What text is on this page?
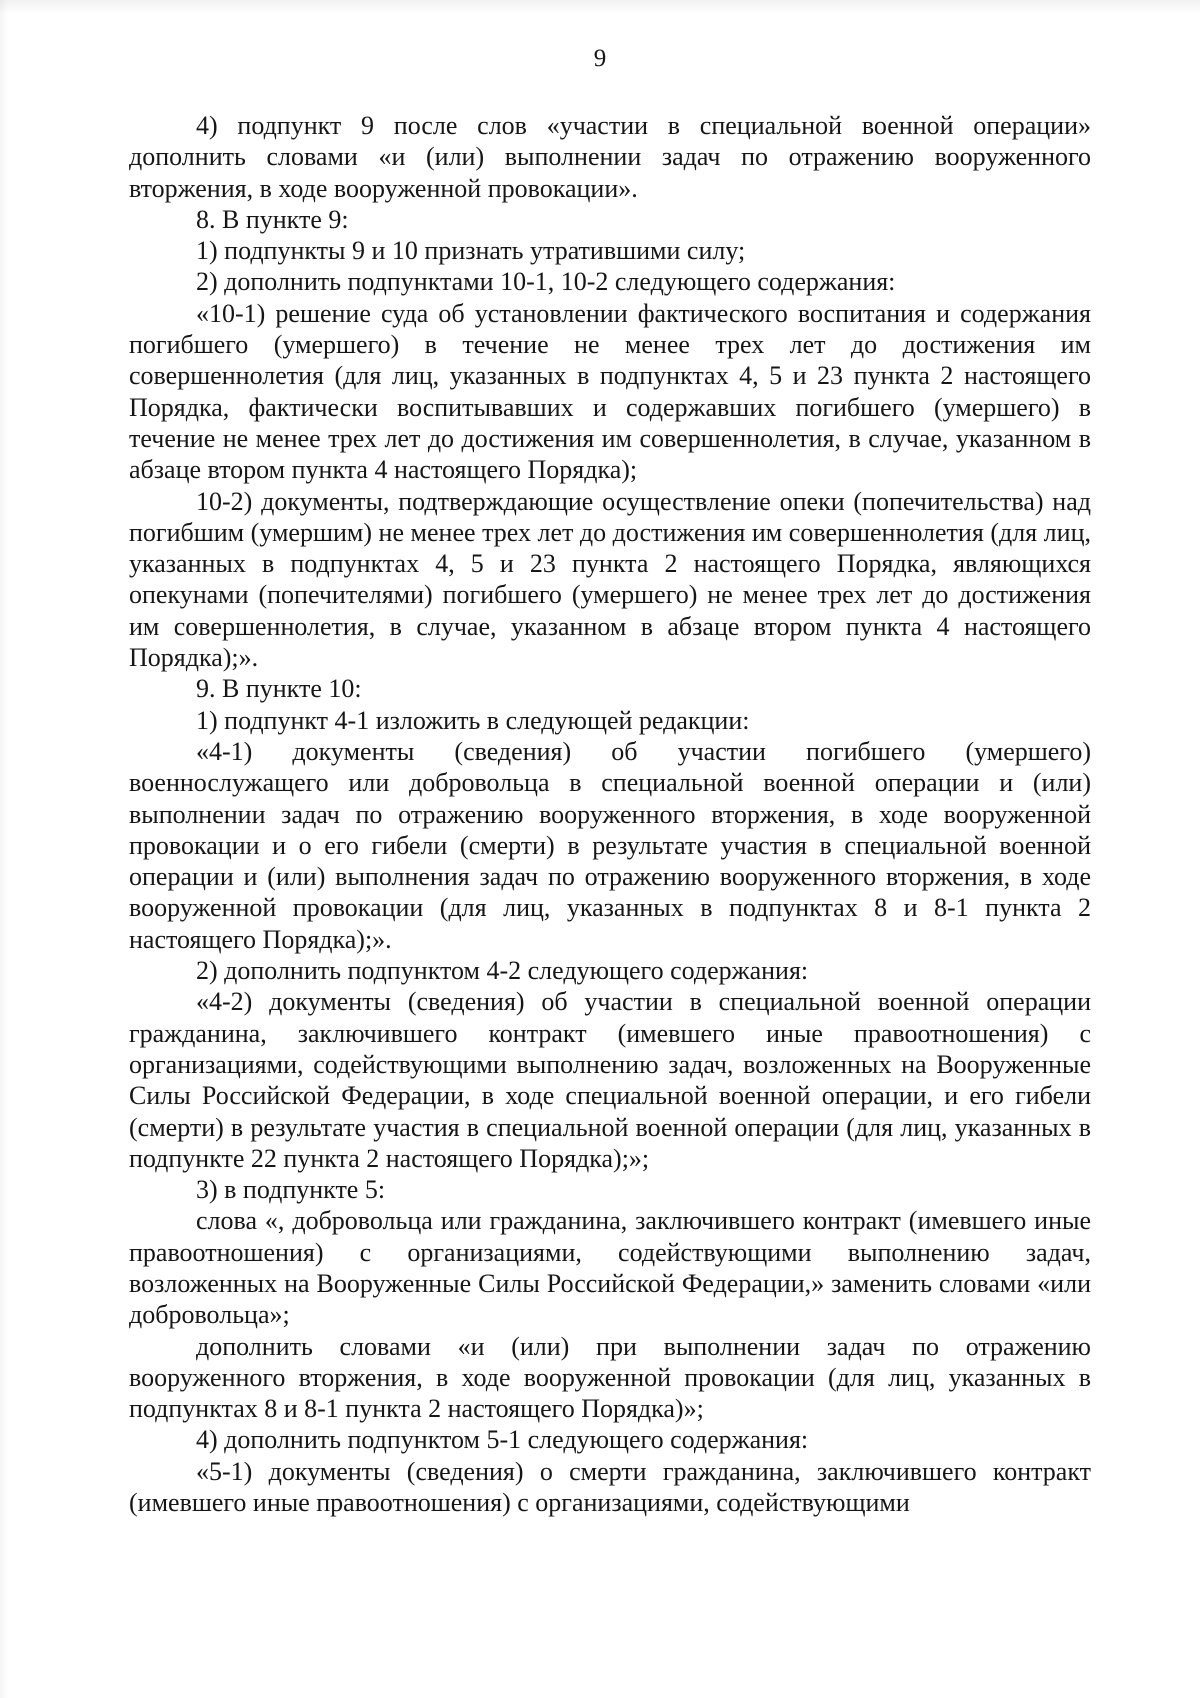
9

4) подпункт 9 после слов «участии в специальной военной операции» дополнить словами «и (или) выполнении задач по отражению вооруженного вторжения, в ходе вооруженной провокации».

8. В пункте 9:

1) подпункты 9 и 10 признать утратившими силу;

2) дополнить подпунктами 10-1, 10-2 следующего содержания:

«10-1) решение суда об установлении фактического воспитания и содержания погибшего (умершего) в течение не менее трех лет до достижения им совершеннолетия (для лиц, указанных в подпунктах 4, 5 и 23 пункта 2 настоящего Порядка, фактически воспитывавших и содержавших погибшего (умершего) в течение не менее трех лет до достижения им совершеннолетия, в случае, указанном в абзаце втором пункта 4 настоящего Порядка);

10-2) документы, подтверждающие осуществление опеки (попечительства) над погибшим (умершим) не менее трех лет до достижения им совершеннолетия (для лиц, указанных в подпунктах 4, 5 и 23 пункта 2 настоящего Порядка, являющихся опекунами (попечителями) погибшего (умершего) не менее трех лет до достижения им совершеннолетия, в случае, указанном в абзаце втором пункта 4 настоящего Порядка);».

9. В пункте 10:

1) подпункт 4-1 изложить в следующей редакции:

«4-1) документы (сведения) об участии погибшего (умершего) военнослужащего или добровольца в специальной военной операции и (или) выполнении задач по отражению вооруженного вторжения, в ходе вооруженной провокации и о его гибели (смерти) в результате участия в специальной военной операции и (или) выполнения задач по отражению вооруженного вторжения, в ходе вооруженной провокации (для лиц, указанных в подпунктах 8 и 8-1 пункта 2 настоящего Порядка);».

2) дополнить подпунктом 4-2 следующего содержания:

«4-2) документы (сведения) об участии в специальной военной операции гражданина, заключившего контракт (имевшего иные правоотношения) с организациями, содействующими выполнению задач, возложенных на Вооруженные Силы Российской Федерации, в ходе специальной военной операции, и его гибели (смерти) в результате участия в специальной военной операции (для лиц, указанных в подпункте 22 пункта 2 настоящего Порядка);»;

3) в подпункте 5:

слова «, добровольца или гражданина, заключившего контракт (имевшего иные правоотношения) с организациями, содействующими выполнению задач, возложенных на Вооруженные Силы Российской Федерации,» заменить словами «или добровольца»;

дополнить словами «и (или) при выполнении задач по отражению вооруженного вторжения, в ходе вооруженной провокации (для лиц, указанных в подпунктах 8 и 8-1 пункта 2 настоящего Порядка)»;

4) дополнить подпунктом 5-1 следующего содержания:

«5-1) документы (сведения) о смерти гражданина, заключившего контракт (имевшего иные правоотношения) с организациями, содействующими
